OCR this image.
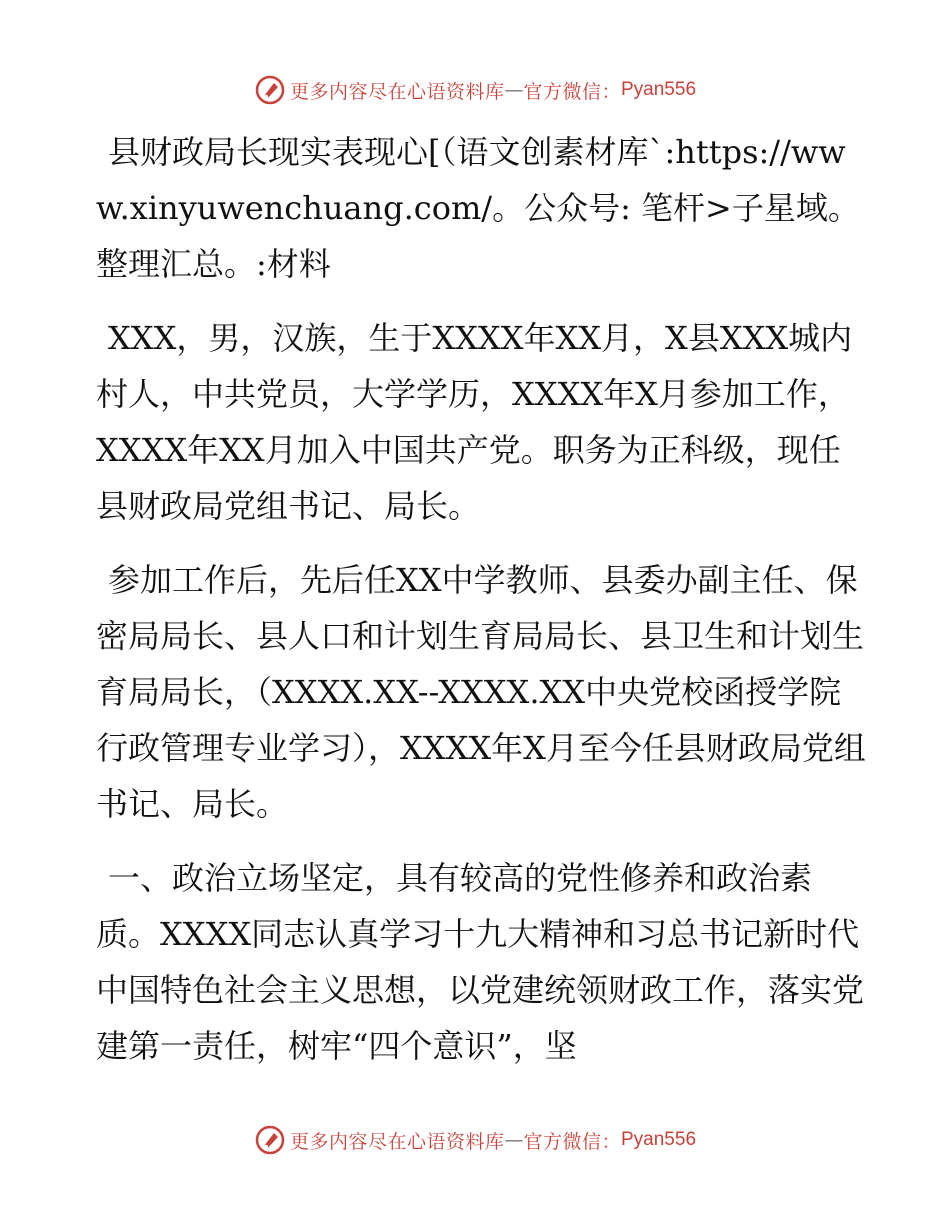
更多内容尽在心语资料库 — 官方微信： Pyan556

县财政局长现实表现心[（语文创素材库`:https://www.xinyuwenchuang.com/。公众号: 笔杆>子星域。整理汇总。:材料

XXX，男，汉族，生于XXXX年XX月，X县XXX城内村人，中共党员，大学学历，XXXX年X月参加工作，XXXX年XX月加入中国共产党。职务为正科级，现任县财政局党组书记、局长。

参加工作后，先后任XX中学教师、县委办副主任、保密局局长、县人口和计划生育局局长、县卫生和计划生育局局长，（XXXX.XX--XXXX.XX中央党校函授学院行政管理专业学习），XXXX年X月至今任县财政局党组书记、局长。

一、政治立场坚定，具有较高的党性修养和政治素质。XXXX同志认真学习十九大精神和习总书记新时代中国特色社会主义思想，以党建统领财政工作，落实党建第一责任，树牢“四个意识”，坚

更多内容尽在心语资料库 — 官方微信： Pyan556
